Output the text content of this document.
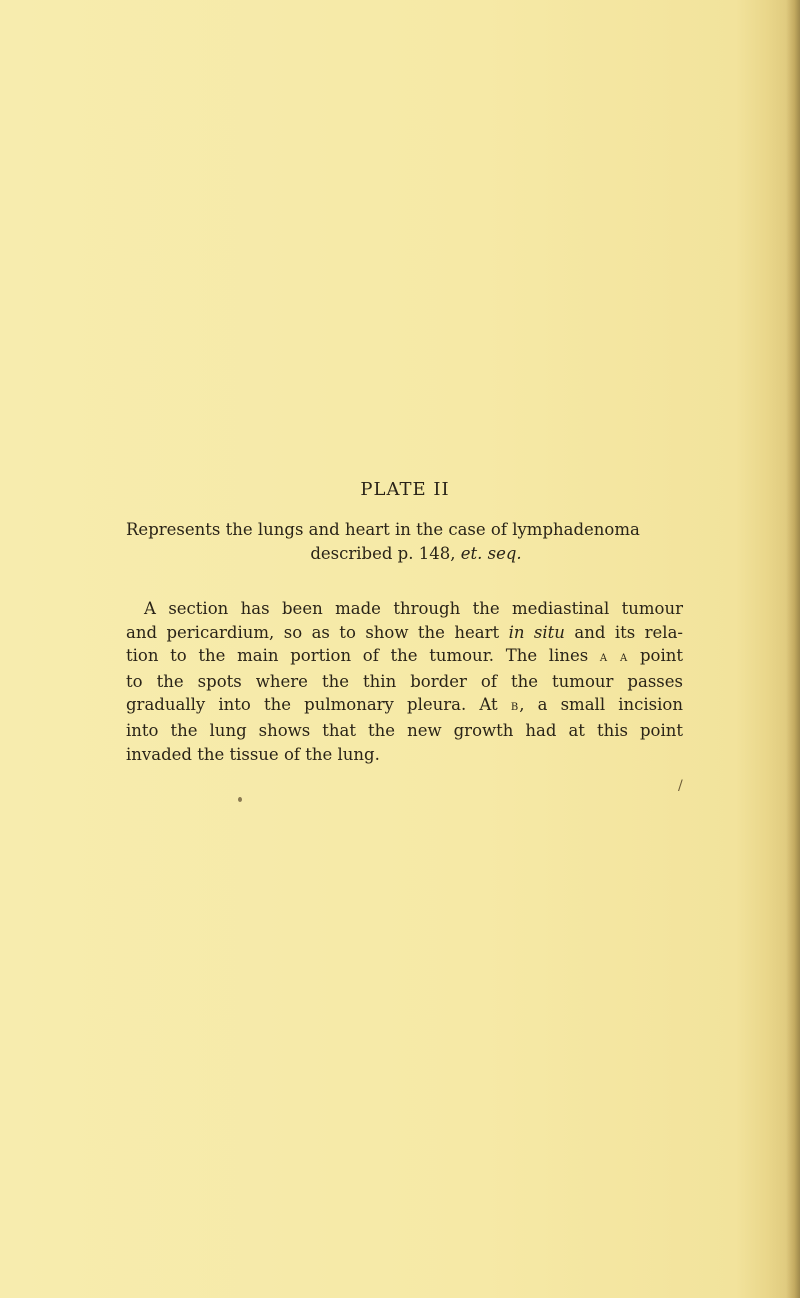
PLATE II
Represents the lungs and heart in the case of lymphadenoma
described p. 148, et. seq.
A section has been made through the mediastinal tumour
and pericardium, so as to show the heart in situ and its rela-
tion to the main portion of the tumour. The lines a a point
to the spots where the thin border of the tumour passes
gradually into the pulmonary pleura. At b, a small incision
into the lung shows that the new growth had at this point
invaded the tissue of the lung.
/
